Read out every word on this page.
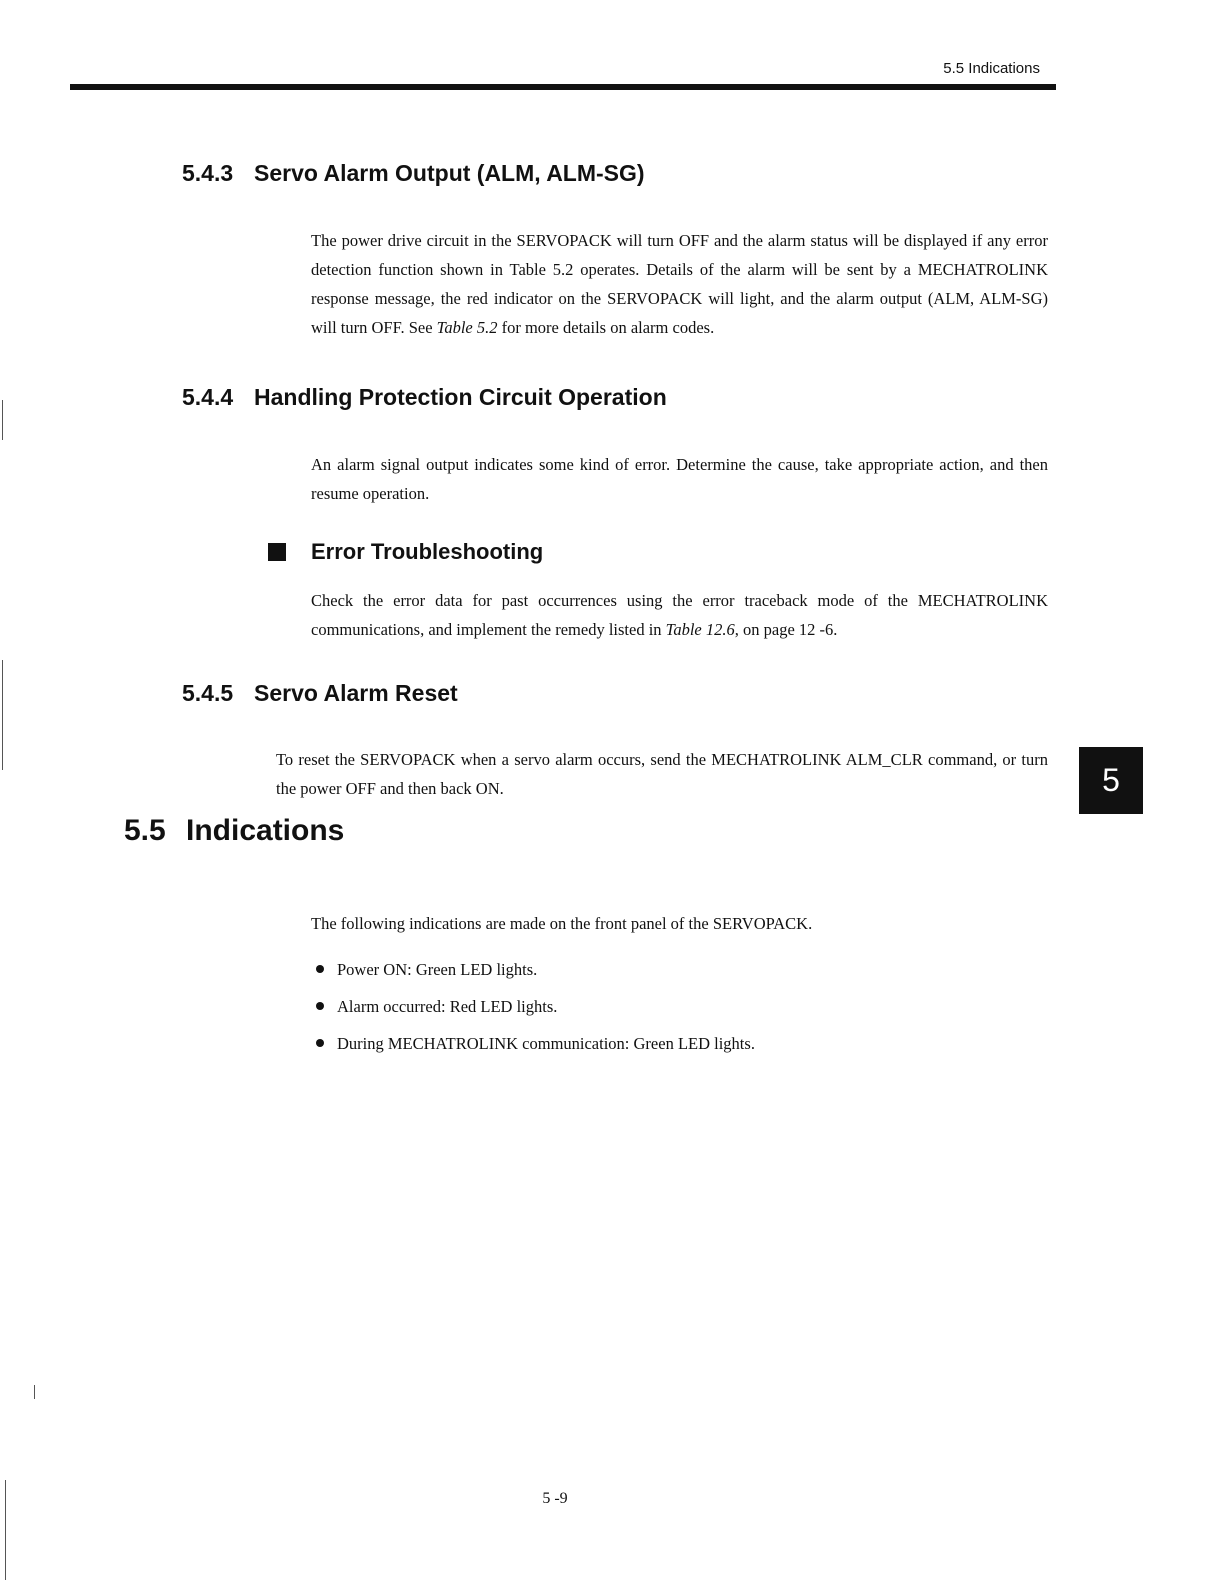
5.5 Indications
5.4.3 Servo Alarm Output (ALM, ALM-SG)
The power drive circuit in the SERVOPACK will turn OFF and the alarm status will be displayed if any error detection function shown in Table 5.2 operates. Details of the alarm will be sent by a MECHATROLINK response message, the red indicator on the SERVOPACK will light, and the alarm output (ALM, ALM-SG) will turn OFF. See Table 5.2 for more details on alarm codes.
5.4.4 Handling Protection Circuit Operation
An alarm signal output indicates some kind of error. Determine the cause, take appropriate action, and then resume operation.
Error Troubleshooting
Check the error data for past occurrences using the error traceback mode of the MECHATROLINK communications, and implement the remedy listed in Table 12.6, on page 12 -6.
5.4.5 Servo Alarm Reset
To reset the SERVOPACK when a servo alarm occurs, send the MECHATROLINK ALM_CLR command, or turn the power OFF and then back ON.	5
5.5 Indications
The following indications are made on the front panel of the SERVOPACK.
Power ON: Green LED lights.
Alarm occurred: Red LED lights.
During MECHATROLINK communication: Green LED lights.
5 -9
